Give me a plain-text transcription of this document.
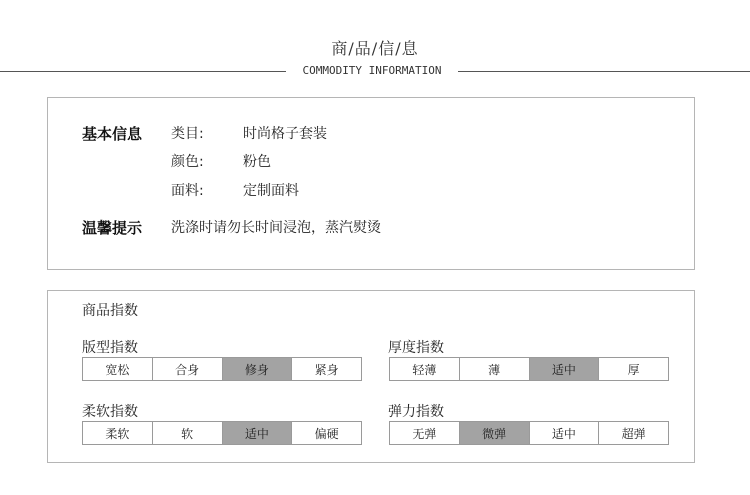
商/品/信/息
COMMODITY INFORMATION
基本信息 类目:	时尚格子套装
颜色:	粉色
面料:	定制面料
温馨提示 洗涤时请勿长时间浸泡，蒸汽熨烫
商品指数
版型指数
宽松	合身	修身	紧身
厚度指数
轻薄	薄	适中	厚
柔软指数
柔软	软	适中	偏硬
弹力指数
无弹	微弹	适中	超弹
